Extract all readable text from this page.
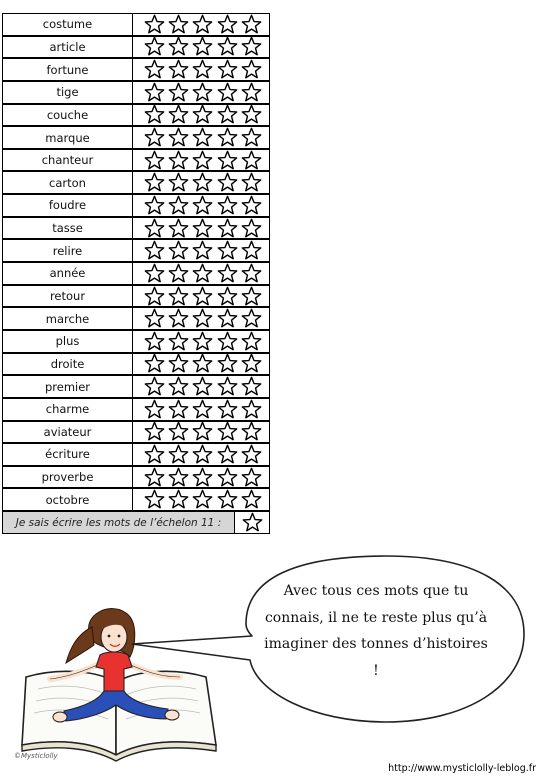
costume
article
fortune
tige
couche
marque
chanteur
carton
foudre
tasse
relire
année
retour
marche
plus
droite
premier
charme
aviateur
écriture
proverbe
octobre
Je sais écrire les mots de l’échelon 11 :
©Mysticlolly
Avec tous ces mots que tu
connais, il ne te reste plus qu’à
imaginer des tonnes d’histoires
!
http://www.mysticlolly-leblog.fr
